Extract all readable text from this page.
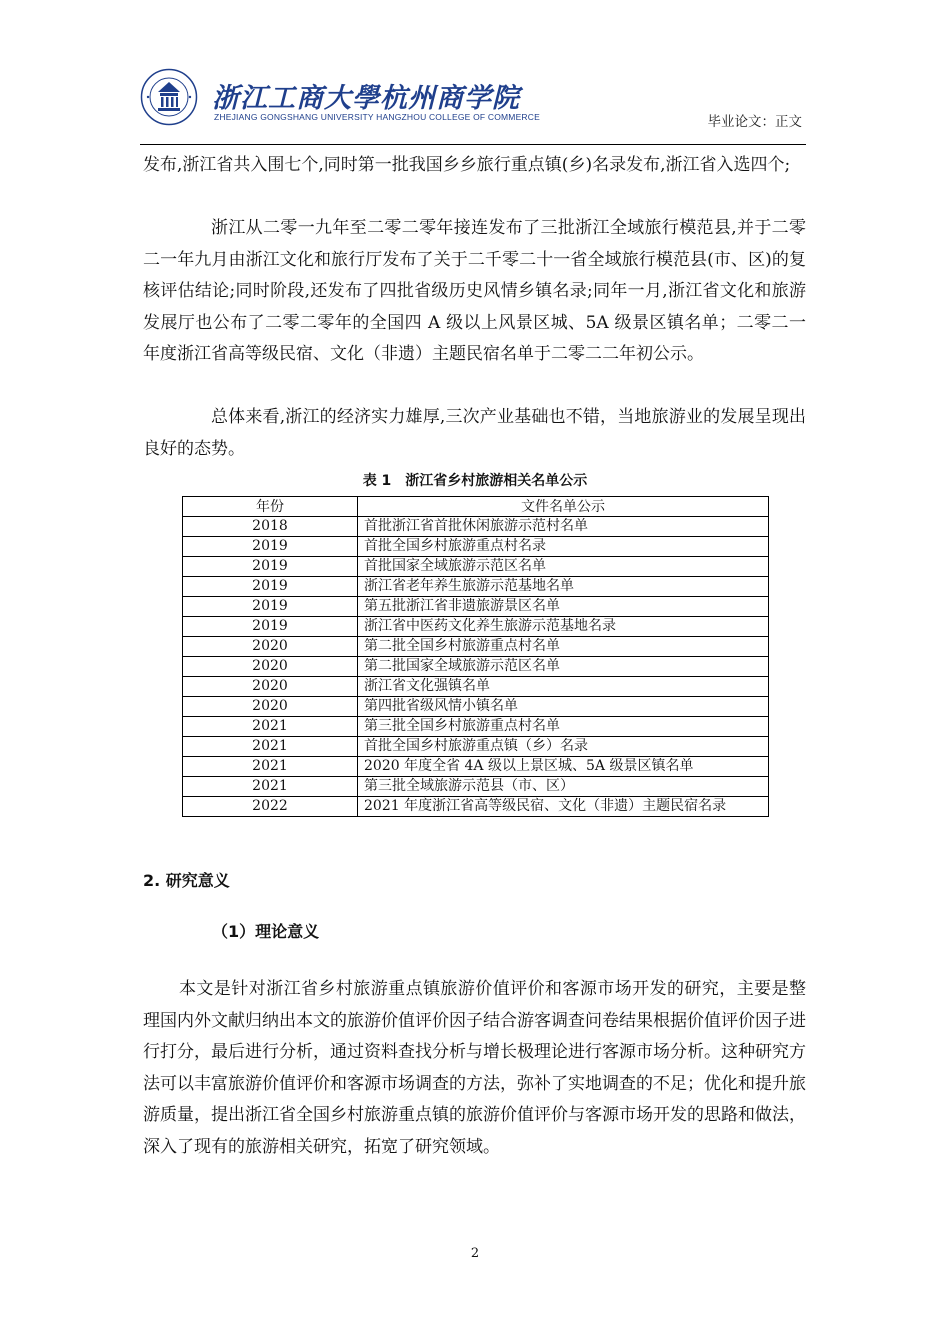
浙江工商大學杭州商学院
ZHEJIANG GONGSHANG UNIVERSITY HANGZHOU COLLEGE OF COMMERCE	毕业论文：正文

发布,浙江省共入围七个,同时第一批我国乡乡旅行重点镇(乡)名录发布,浙江省入选四个;

浙江从二零一九年至二零二零年接连发布了三批浙江全域旅行模范县,并于二零二一年九月由浙江文化和旅行厅发布了关于二千零二十一省全域旅行模范县(市、区)的复核评估结论;同时阶段,还发布了四批省级历史风情乡镇名录;同年一月,浙江省文化和旅游发展厅也公布了二零二零年的全国四 A 级以上风景区城、5A 级景区镇名单；二零二一年度浙江省高等级民宿、文化（非遗）主题民宿名单于二零二二年初公示。

总体来看,浙江的经济实力雄厚,三次产业基础也不错，当地旅游业的发展呈现出良好的态势。

表 1　浙江省乡村旅游相关名单公示
年份	文件名单公示
2018	首批浙江省首批休闲旅游示范村名单
2019	首批全国乡村旅游重点村名录
2019	首批国家全域旅游示范区名单
2019	浙江省老年养生旅游示范基地名单
2019	第五批浙江省非遗旅游景区名单
2019	浙江省中医药文化养生旅游示范基地名录
2020	第二批全国乡村旅游重点村名单
2020	第二批国家全域旅游示范区名单
2020	浙江省文化强镇名单
2020	第四批省级风情小镇名单
2021	第三批全国乡村旅游重点村名单
2021	首批全国乡村旅游重点镇（乡）名录
2021	2020 年度全省 4A 级以上景区城、5A 级景区镇名单
2021	第三批全域旅游示范县（市、区）
2022	2021 年度浙江省高等级民宿、文化（非遗）主题民宿名录
2. 研究意义
（1）理论意义

本文是针对浙江省乡村旅游重点镇旅游价值评价和客源市场开发的研究，主要是整理国内外文献归纳出本文的旅游价值评价因子结合游客调查问卷结果根据价值评价因子进行打分，最后进行分析，通过资料查找分析与增长极理论进行客源市场分析。这种研究方法可以丰富旅游价值评价和客源市场调查的方法，弥补了实地调查的不足；优化和提升旅游质量，提出浙江省全国乡村旅游重点镇的旅游价值评价与客源市场开发的思路和做法，深入了现有的旅游相关研究，拓宽了研究领域。

2
